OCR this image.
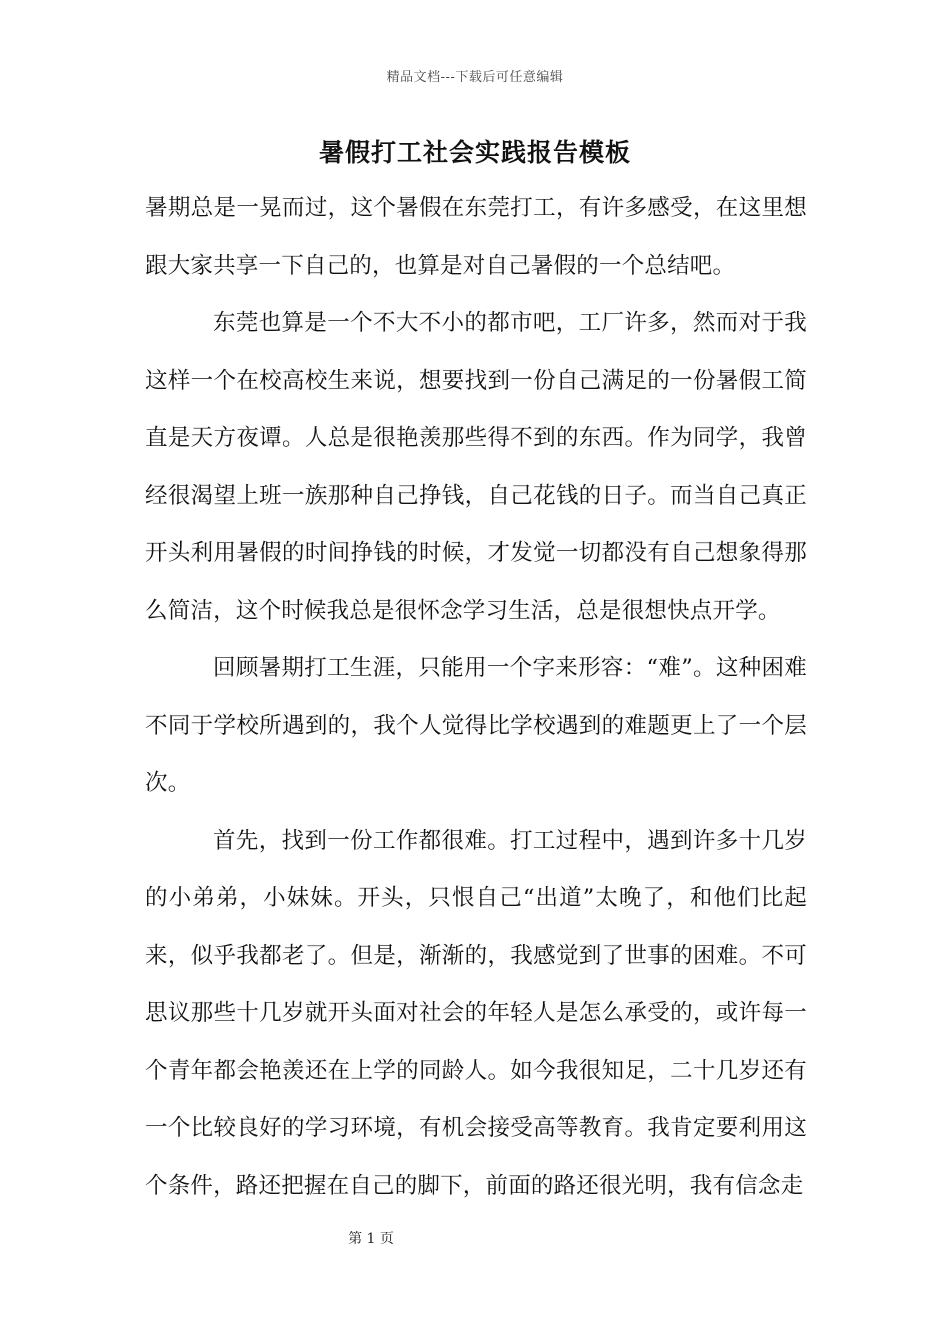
精品文档---下载后可任意编辑
暑假打工社会实践报告模板

暑期总是一晃而过，这个暑假在东莞打工，有许多感受，在这里想跟大家共享一下自己的，也算是对自己暑假的一个总结吧。

东莞也算是一个不大不小的都市吧，工厂许多，然而对于我这样一个在校高校生来说，想要找到一份自己满足的一份暑假工简直是天方夜谭。人总是很艳羡那些得不到的东西。作为同学，我曾经很渴望上班一族那种自己挣钱，自己花钱的日子。而当自己真正开头利用暑假的时间挣钱的时候，才发觉一切都没有自己想象得那么简洁，这个时候我总是很怀念学习生活，总是很想快点开学。

回顾暑期打工生涯，只能用一个字来形容：“难”。这种困难不同于学校所遇到的，我个人觉得比学校遇到的难题更上了一个层次。

首先，找到一份工作都很难。打工过程中，遇到许多十几岁的小弟弟，小妹妹。开头，只恨自己“出道”太晚了，和他们比起来，似乎我都老了。但是，渐渐的，我感觉到了世事的困难。不可思议那些十几岁就开头面对社会的年轻人是怎么承受的，或许每一个青年都会艳羡还在上学的同龄人。如今我很知足，二十几岁还有一个比较良好的学习环境，有机会接受高等教育。我肯定要利用这个条件，路还把握在自己的脚下，前面的路还很光明，我有信念走

第 1 页
